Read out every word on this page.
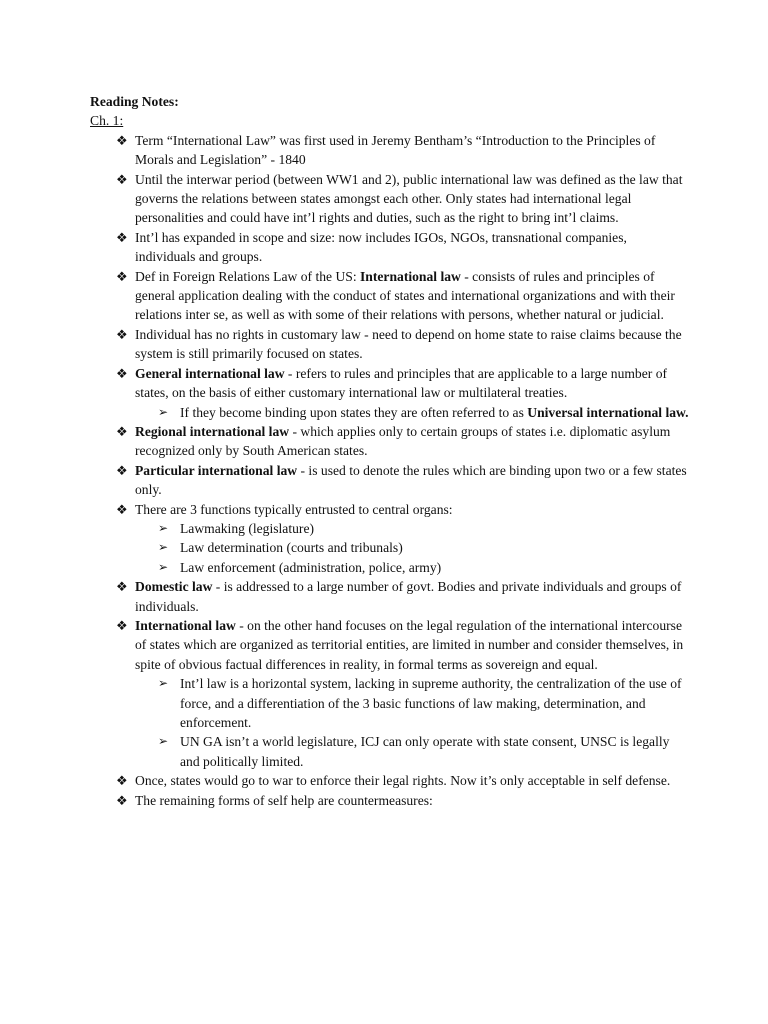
Reading Notes:

Ch. 1:

❖ Term “International Law” was first used in Jeremy Bentham’s “Introduction to the Principles of Morals and Legislation” - 1840
❖ Until the interwar period (between WW1 and 2), public international law was defined as the law that governs the relations between states amongst each other. Only states had international legal personalities and could have int’l rights and duties, such as the right to bring int’l claims.
❖ Int’l has expanded in scope and size: now includes IGOs, NGOs, transnational companies, individuals and groups.
❖ Def in Foreign Relations Law of the US: International law - consists of rules and principles of general application dealing with the conduct of states and international organizations and with their relations inter se, as well as with some of their relations with persons, whether natural or judicial.
❖ Individual has no rights in customary law - need to depend on home state to raise claims because the system is still primarily focused on states.
❖ General international law - refers to rules and principles that are applicable to a large number of states, on the basis of either customary international law or multilateral treaties.
➢ If they become binding upon states they are often referred to as Universal international law.
❖ Regional international law - which applies only to certain groups of states i.e. diplomatic asylum recognized only by South American states.
❖ Particular international law - is used to denote the rules which are binding upon two or a few states only.
❖ There are 3 functions typically entrusted to central organs:
➢ Lawmaking (legislature)
➢ Law determination (courts and tribunals)
➢ Law enforcement (administration, police, army)
❖ Domestic law - is addressed to a large number of govt. Bodies and private individuals and groups of individuals.
❖ International law - on the other hand focuses on the legal regulation of the international intercourse of states which are organized as territorial entities, are limited in number and consider themselves, in spite of obvious factual differences in reality, in formal terms as sovereign and equal.
➢ Int’l law is a horizontal system, lacking in supreme authority, the centralization of the use of force, and a differentiation of the 3 basic functions of law making, determination, and enforcement.
➢ UN GA isn’t a world legislature, ICJ can only operate with state consent, UNSC is legally and politically limited.
❖ Once, states would go to war to enforce their legal rights. Now it’s only acceptable in self defense.
❖ The remaining forms of self help are countermeasures:
